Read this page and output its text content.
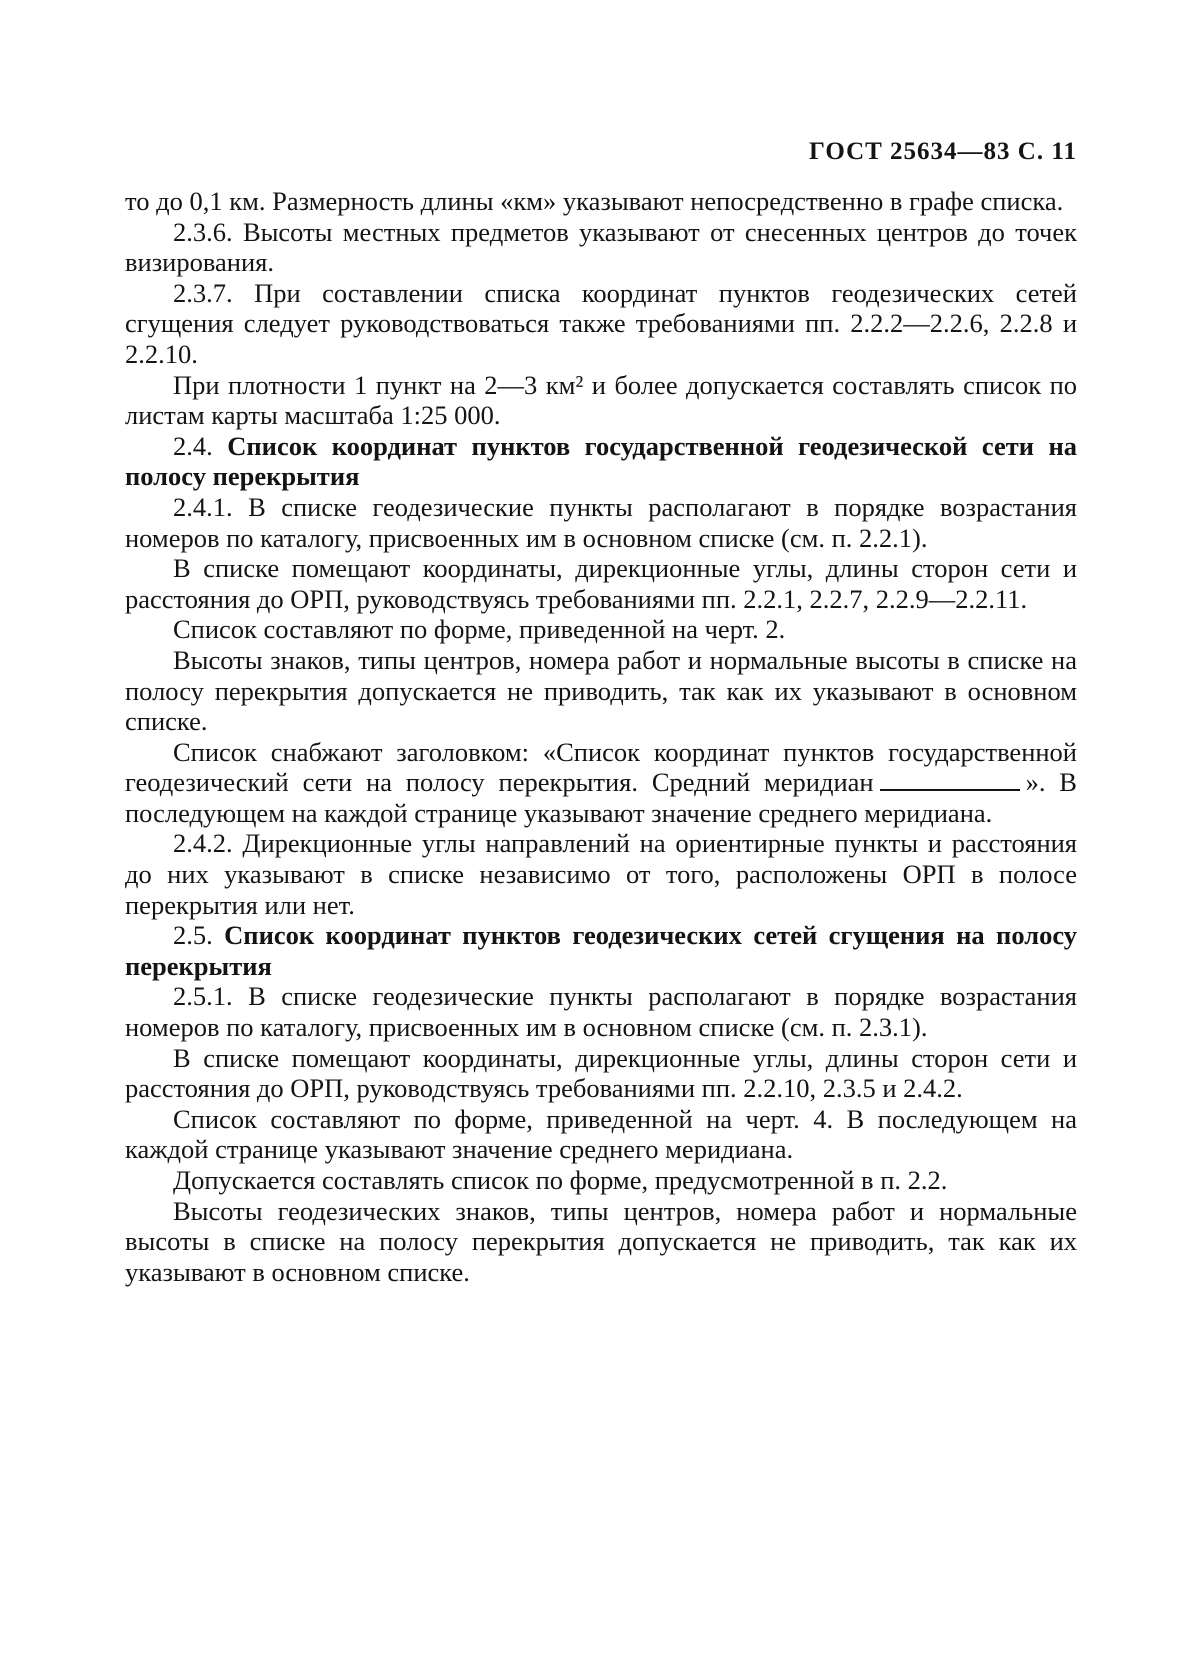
ГОСТ 25634—83 С. 11

то до 0,1 км. Размерность длины «км» указывают непосредственно в графе списка.

2.3.6. Высоты местных предметов указывают от снесенных центров до точек визирования.

2.3.7. При составлении списка координат пунктов геодезических сетей сгущения следует руководствоваться также требованиями пп. 2.2.2—2.2.6, 2.2.8 и 2.2.10.

При плотности 1 пункт на 2—3 км² и более допускается составлять список по листам карты масштаба 1:25 000.

2.4. Список координат пунктов государственной геодезической сети на полосу перекрытия

2.4.1. В списке геодезические пункты располагают в порядке возрастания номеров по каталогу, присвоенных им в основном списке (см. п. 2.2.1).

В списке помещают координаты, дирекционные углы, длины сторон сети и расстояния до ОРП, руководствуясь требованиями пп. 2.2.1, 2.2.7, 2.2.9—2.2.11.

Список составляют по форме, приведенной на черт. 2.

Высоты знаков, типы центров, номера работ и нормальные высоты в списке на полосу перекрытия допускается не приводить, так как их указывают в основном списке.

Список снабжают заголовком: «Список координат пунктов государственной геодезический сети на полосу перекрытия. Средний меридиан	». В последующем на каждой странице указывают значение среднего меридиана.

2.4.2. Дирекционные углы направлений на ориентирные пункты и расстояния до них указывают в списке независимо от того, расположены ОРП в полосе перекрытия или нет.

2.5. Список координат пунктов геодезических сетей сгущения на полосу перекрытия

2.5.1. В списке геодезические пункты располагают в порядке возрастания номеров по каталогу, присвоенных им в основном списке (см. п. 2.3.1).

В списке помещают координаты, дирекционные углы, длины сторон сети и расстояния до ОРП, руководствуясь требованиями пп. 2.2.10, 2.3.5 и 2.4.2.

Список составляют по форме, приведенной на черт. 4. В последующем на каждой странице указывают значение среднего меридиана.

Допускается составлять список по форме, предусмотренной в п. 2.2.

Высоты геодезических знаков, типы центров, номера работ и нормальные высоты в списке на полосу перекрытия допускается не приводить, так как их указывают в основном списке.
